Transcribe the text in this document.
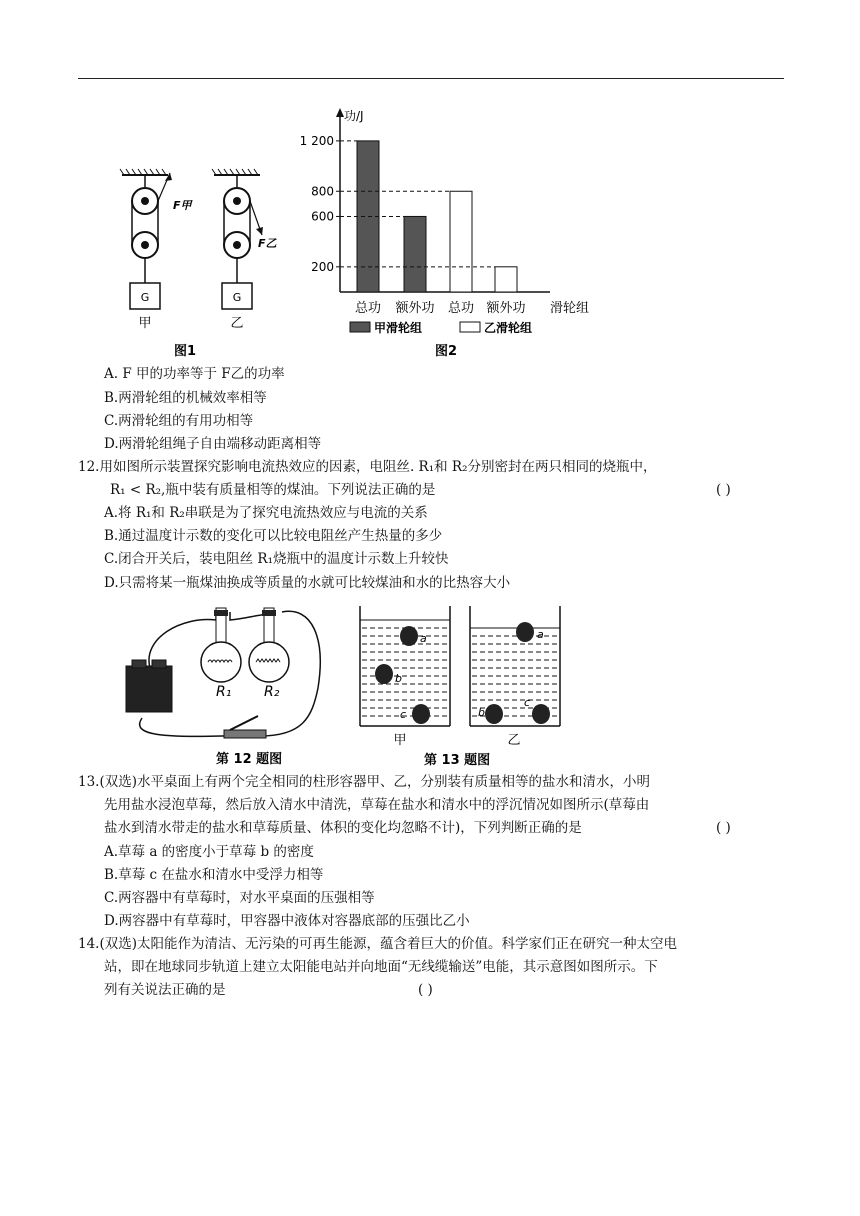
G
F甲
甲
G
F乙
乙
图1
功/J
滑轮组
200
600
800
1 200
总功 额外功 总功 额外功
甲滑轮组	乙滑轮组
图2
A. F 甲的功率等于 F乙的功率
B.两滑轮组的机械效率相等
C.两滑轮组的有用功相等
D.两滑轮组绳子自由端移动距离相等
12.用如图所示装置探究影响电流热效应的因素，电阻丝. R₁和 R₂分别密封在两只相同的烧瓶中，
R₁ < R₂,瓶中装有质量相等的煤油。下列说法正确的是	( )
A.将 R₁和 R₂串联是为了探究电流热效应与电流的关系
B.通过温度计示数的变化可以比较电阻丝产生热量的多少
C.闭合开关后，装电阻丝 R₁烧瓶中的温度计示数上升较快
D.只需将某一瓶煤油换成等质量的水就可比较煤油和水的比热容大小
R₁ R₂
第 12 题图
a
b
c
甲
a
b
c
乙
第 13 题图
13.(双选)水平桌面上有两个完全相同的柱形容器甲、乙，分别装有质量相等的盐水和清水，小明
先用盐水浸泡草莓，然后放入清水中清洗，草莓在盐水和清水中的浮沉情况如图所示(草莓由
盐水到清水带走的盐水和草莓质量、体积的变化均忽略不计)，下列判断正确的是	( )
A.草莓 a 的密度小于草莓 b 的密度
B.草莓 c 在盐水和清水中受浮力相等
C.两容器中有草莓时，对水平桌面的压强相等
D.两容器中有草莓时，甲容器中液体对容器底部的压强比乙小
14.(双选)太阳能作为清洁、无污染的可再生能源，蕴含着巨大的价值。科学家们正在研究一种太空电
站，即在地球同步轨道上建立太阳能电站并向地面“无线缆输送”电能，其示意图如图所示。下
列有关说法正确的是	( )
